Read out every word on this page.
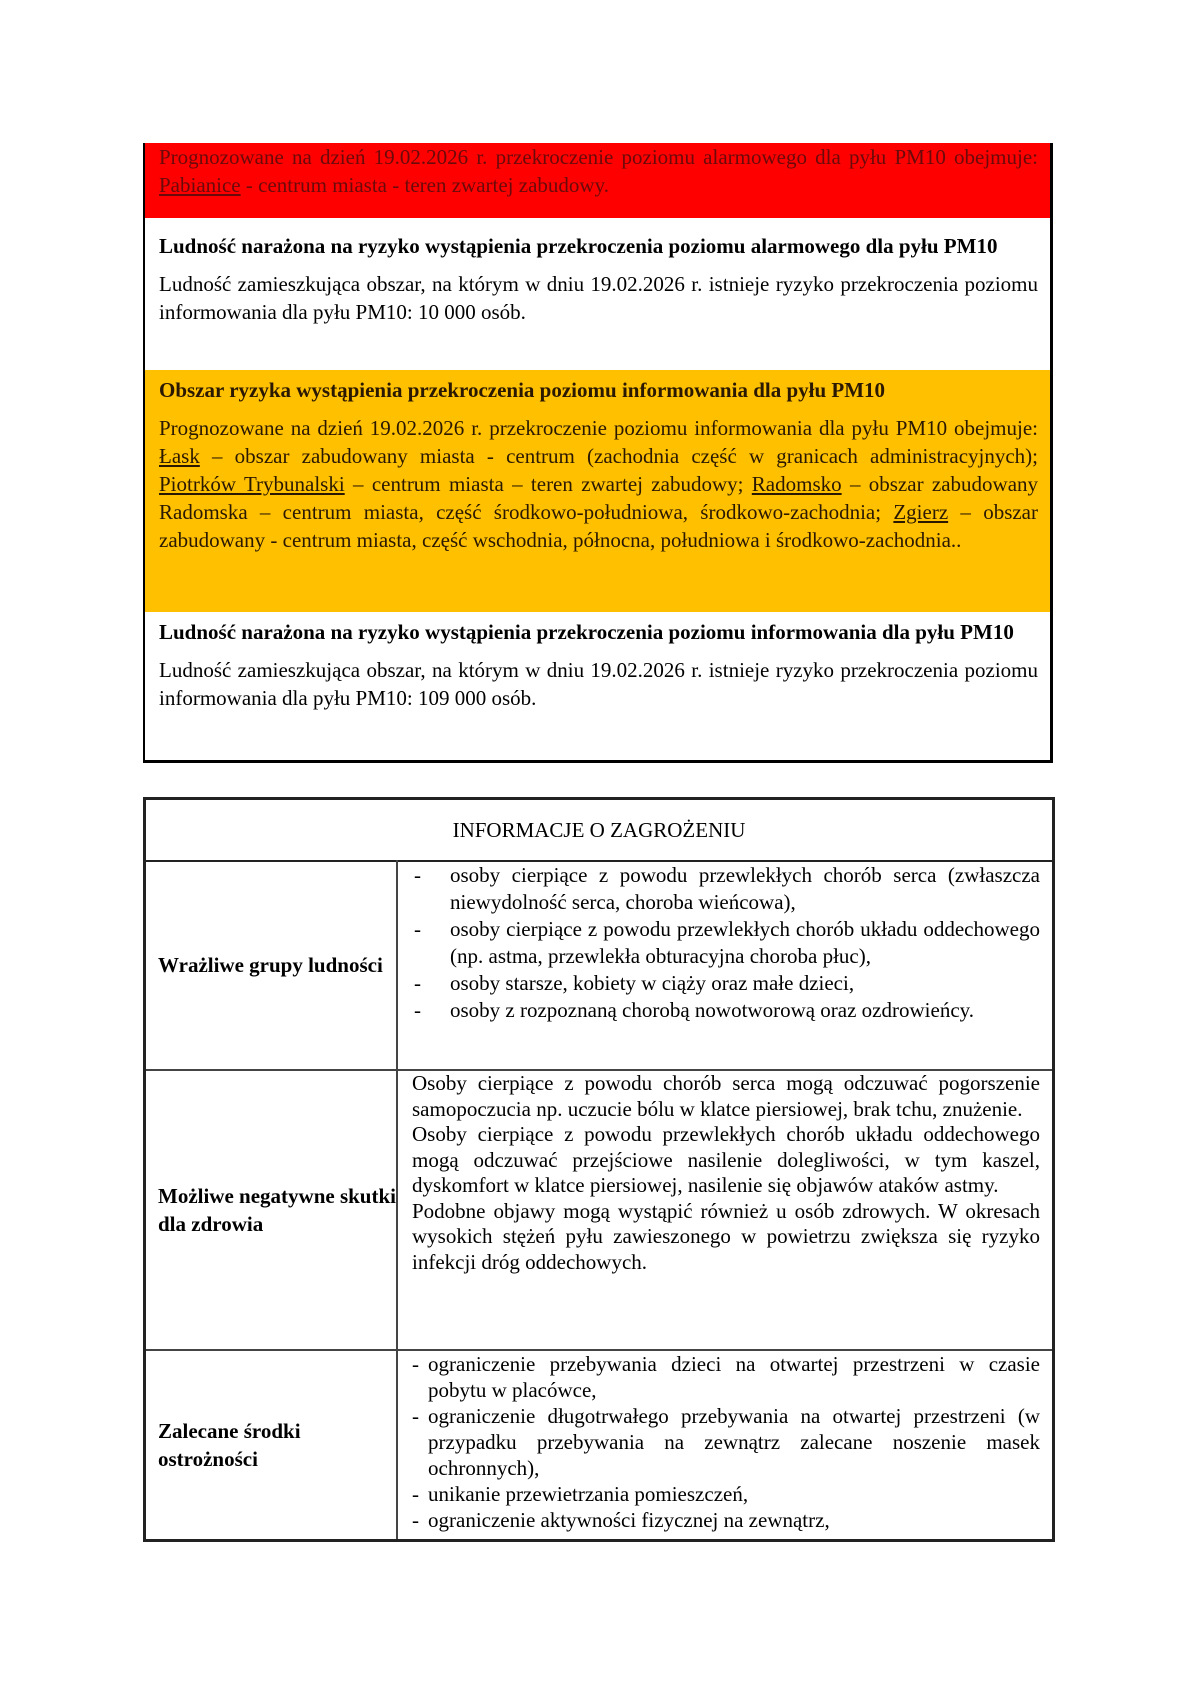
Prognozowane na dzień 19.02.2026 r. przekroczenie poziomu alarmowego dla pyłu PM10 obejmuje: Pabianice - centrum miasta - teren zwartej zabudowy.

Ludność narażona na ryzyko wystąpienia przekroczenia poziomu alarmowego dla pyłu PM10

Ludność zamieszkująca obszar, na którym w dniu 19.02.2026 r. istnieje ryzyko przekroczenia poziomu informowania dla pyłu PM10: 10 000 osób.

Obszar ryzyka wystąpienia przekroczenia poziomu informowania dla pyłu PM10

Prognozowane na dzień 19.02.2026 r. przekroczenie poziomu informowania dla pyłu PM10 obejmuje: Łask – obszar zabudowany miasta - centrum (zachodnia część w granicach administracyjnych); Piotrków Trybunalski – centrum miasta – teren zwartej zabudowy; Radomsko – obszar zabudowany Radomska – centrum miasta, część środkowo-południowa, środkowo-zachodnia; Zgierz – obszar zabudowany - centrum miasta, część wschodnia, północna, południowa i środkowo-zachodnia..

Ludność narażona na ryzyko wystąpienia przekroczenia poziomu informowania dla pyłu PM10

Ludność zamieszkująca obszar, na którym w dniu 19.02.2026 r. istnieje ryzyko przekroczenia poziomu informowania dla pyłu PM10: 109 000 osób.

INFORMACJE O ZAGROŻENIU
Wrażliwe grupy ludności
- osoby cierpiące z powodu przewlekłych chorób serca (zwłaszcza niewydolność serca, choroba wieńcowa),
- osoby cierpiące z powodu przewlekłych chorób układu oddechowego (np. astma, przewlekła obturacyjna choroba płuc),
- osoby starsze, kobiety w ciąży oraz małe dzieci,
- osoby z rozpoznaną chorobą nowotworową oraz ozdrowieńcy.
Możliwe negatywne skutki dla zdrowia

Osoby cierpiące z powodu chorób serca mogą odczuwać pogorszenie samopoczucia np. uczucie bólu w klatce piersiowej, brak tchu, znużenie.

Osoby cierpiące z powodu przewlekłych chorób układu oddechowego mogą odczuwać przejściowe nasilenie dolegliwości, w tym kaszel, dyskomfort w klatce piersiowej, nasilenie się objawów ataków astmy.

Podobne objawy mogą wystąpić również u osób zdrowych. W okresach wysokich stężeń pyłu zawieszonego w powietrzu zwiększa się ryzyko infekcji dróg oddechowych.

Zalecane środki ostrożności
- ograniczenie przebywania dzieci na otwartej przestrzeni w czasie pobytu w placówce,
- ograniczenie długotrwałego przebywania na otwartej przestrzeni (w przypadku przebywania na zewnątrz zalecane noszenie masek ochronnych),
- unikanie przewietrzania pomieszczeń,
- ograniczenie aktywności fizycznej na zewnątrz,
